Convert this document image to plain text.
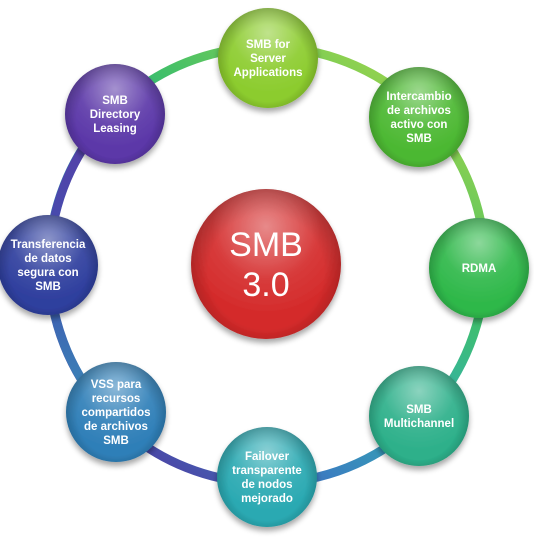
SMB 3.0
SMB for Server Applications
Intercambio de archivos activo con SMB
RDMA
SMB Multichannel
Failover transparente de nodos mejorado
VSS para recursos compartidos de archivos SMB
Transferencia de datos segura con SMB
SMB Directory Leasing
